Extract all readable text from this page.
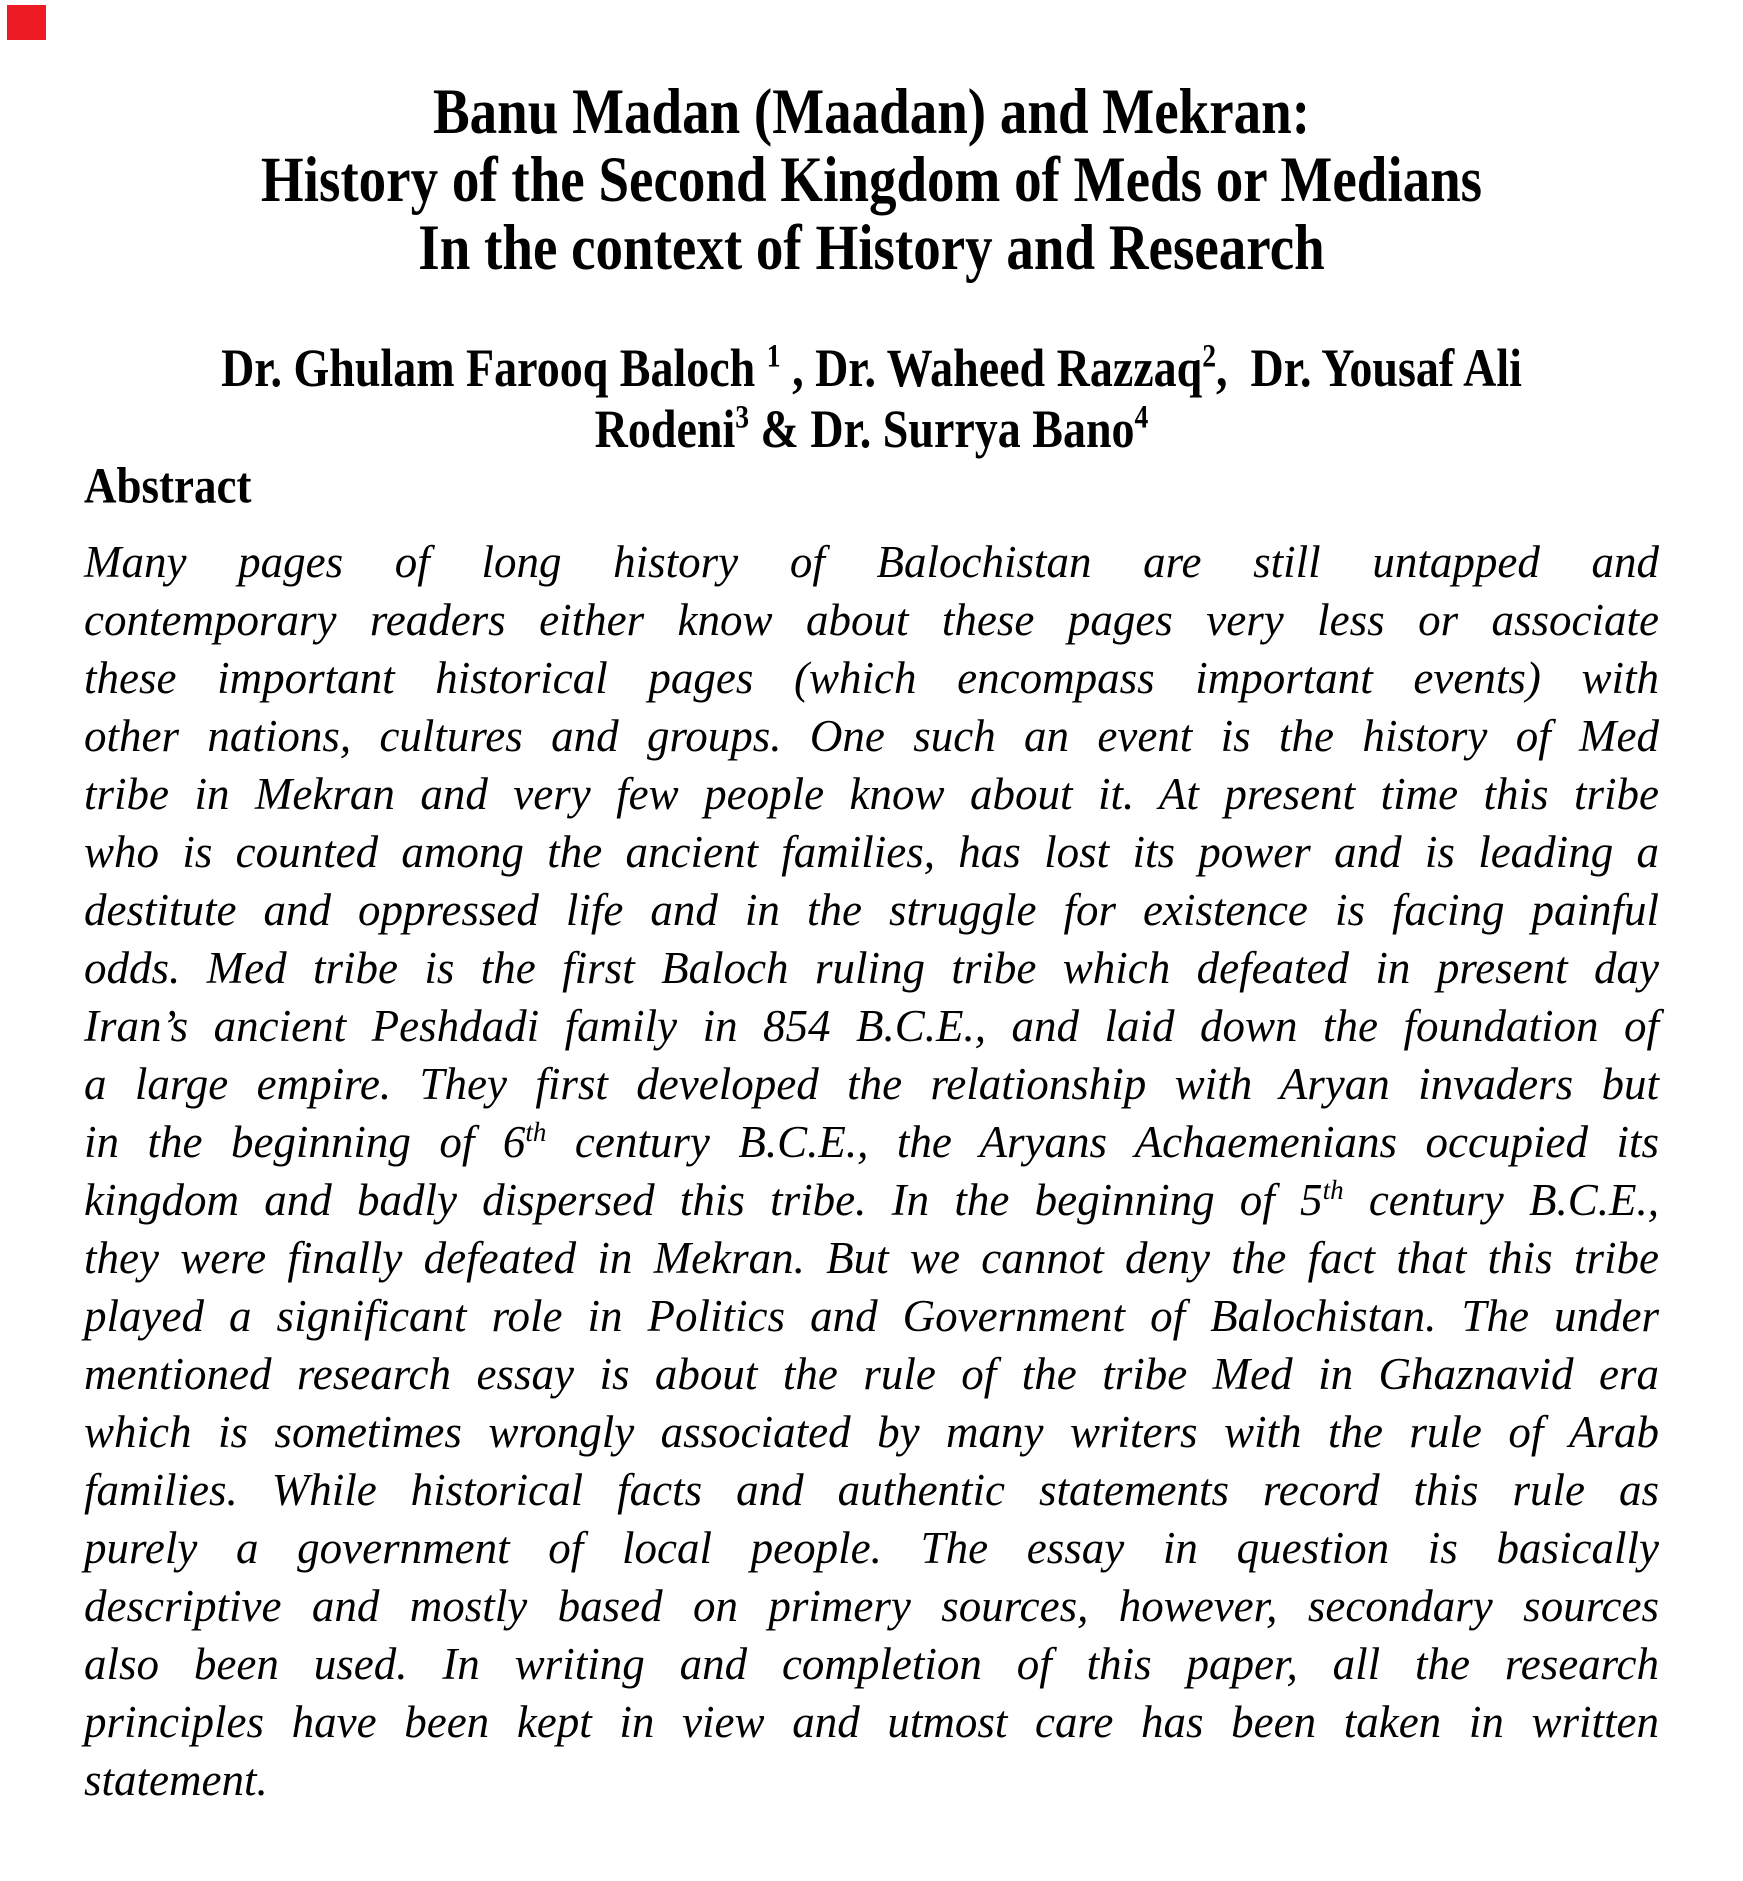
Banu Madan (Maadan) and Mekran:
History of the Second Kingdom of Meds or Medians
In the context of History and Research
Dr. Ghulam Farooq Baloch $^1$ , Dr. Waheed Razzaq$^2$,  Dr. Yousaf Ali
Rodeni$^3$ & Dr. Surrya Bano$^4$
Abstract
Many pages of long history of Balochistan are still untapped and
contemporary readers either know about these pages very less or associate
these important historical pages (which encompass important events) with
other nations, cultures and groups. One such an event is the history of Med
tribe in Mekran and very few people know about it. At present time this tribe
who is counted among the ancient families, has lost its power and is leading a
destitute and oppressed life and in the struggle for existence is facing painful
odds. Med tribe is the first Baloch ruling tribe which defeated in present day
Iran’s ancient Peshdadi family in 854 B.C.E., and laid down the foundation of
a large empire. They first developed the relationship with Aryan invaders but
in the beginning of 6th century B.C.E., the Aryans Achaemenians occupied its
kingdom and badly dispersed this tribe. In the beginning of 5th century B.C.E.,
they were finally defeated in Mekran. But we cannot deny the fact that this tribe
played a significant role in Politics and Government of Balochistan. The under
mentioned research essay is about the rule of the tribe Med in Ghaznavid era
which is sometimes wrongly associated by many writers with the rule of Arab
families. While historical facts and authentic statements record this rule as
purely a government of local people. The essay in question is basically
descriptive and mostly based on primery sources, however, secondary sources
also been used. In writing and completion of this paper, all the research
principles have been kept in view and utmost care has been taken in written
statement.
